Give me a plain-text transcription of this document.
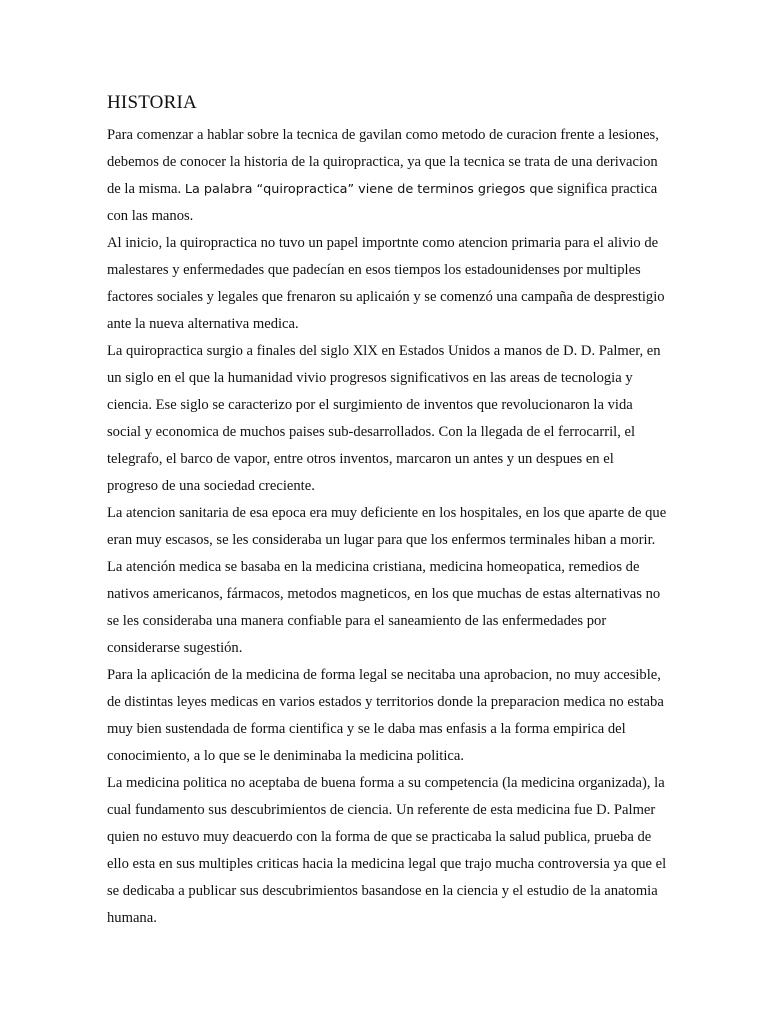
HISTORIA

Para comenzar a hablar sobre la tecnica de gavilan como metodo de curacion frente a lesiones, debemos de conocer la historia de la quiropractica, ya que la tecnica se trata de una derivacion de la misma. La palabra “quiropractica” viene de terminos griegos que significa practica con las manos.

Al inicio, la quiropractica no tuvo un papel importnte como atencion primaria para el alivio de malestares y enfermedades que padecían en esos tiempos los estadounidenses por multiples factores sociales y legales que frenaron su aplicaión y se comenzó una campaña de desprestigio ante la nueva alternativa medica.

La quiropractica surgio a finales del siglo XlX en Estados Unidos a manos de D. D. Palmer, en un siglo en el que la humanidad vivio progresos significativos en las areas de tecnologia y ciencia. Ese siglo se caracterizo por el surgimiento de inventos que revolucionaron la vida social y economica de muchos paises sub-desarrollados. Con la llegada de el ferrocarril, el telegrafo, el barco de vapor, entre otros inventos, marcaron un antes y un despues en el progreso de una sociedad creciente.

La atencion sanitaria de esa epoca era muy deficiente en los hospitales, en los que aparte de que eran muy escasos, se les consideraba un lugar para que los enfermos terminales hiban a morir. La atención medica se basaba en la medicina cristiana, medicina homeopatica, remedios de nativos americanos, fármacos, metodos magneticos, en los que muchas de estas alternativas no se les consideraba una manera confiable para el saneamiento de las enfermedades por considerarse sugestión.

Para la aplicación de la medicina de forma legal se necitaba una aprobacion, no muy accesible, de distintas leyes medicas en varios estados y territorios donde la preparacion medica no estaba muy bien sustendada de forma cientifica y se le daba mas enfasis a la forma empirica del conocimiento, a lo que se le deniminaba la medicina politica.

La medicina politica no aceptaba de buena forma a su competencia (la medicina organizada), la cual fundamento sus descubrimientos de ciencia. Un referente de esta medicina fue D. Palmer quien no estuvo muy deacuerdo con la forma de que se practicaba la salud publica, prueba de ello esta en sus multiples criticas hacia la medicina legal que trajo mucha controversia ya que el se dedicaba a publicar sus descubrimientos basandose en la ciencia y el estudio de la anatomia humana.
